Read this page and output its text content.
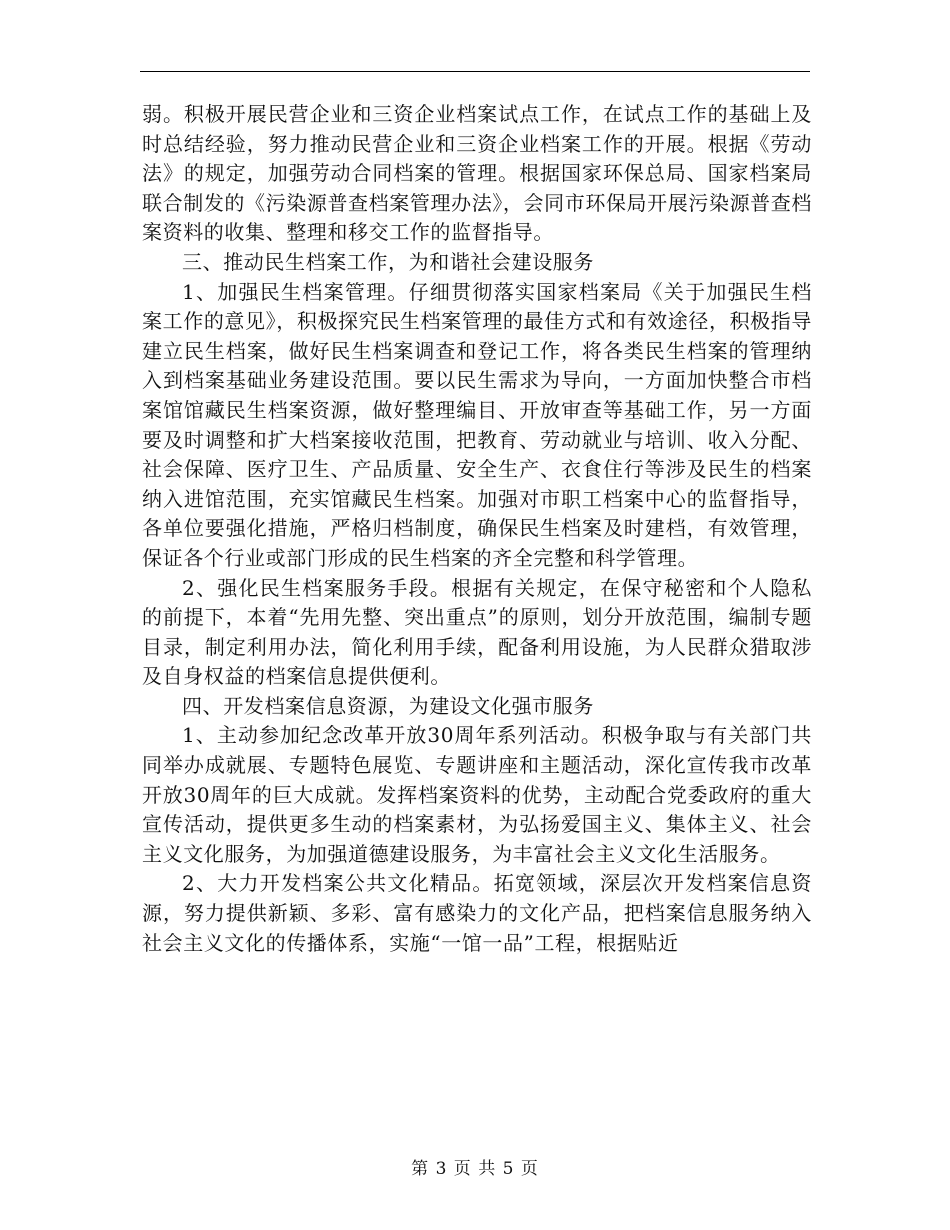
弱。积极开展民营企业和三资企业档案试点工作，在试点工作的基础上及时总结经验，努力推动民营企业和三资企业档案工作的开展。根据《劳动法》的规定，加强劳动合同档案的管理。根据国家环保总局、国家档案局联合制发的《污染源普查档案管理办法》，会同市环保局开展污染源普查档案资料的收集、整理和移交工作的监督指导。

三、推动民生档案工作，为和谐社会建设服务

1、加强民生档案管理。仔细贯彻落实国家档案局《关于加强民生档案工作的意见》，积极探究民生档案管理的最佳方式和有效途径，积极指导建立民生档案，做好民生档案调查和登记工作，将各类民生档案的管理纳入到档案基础业务建设范围。要以民生需求为导向，一方面加快整合市档案馆馆藏民生档案资源，做好整理编目、开放审查等基础工作，另一方面要及时调整和扩大档案接收范围，把教育、劳动就业与培训、收入分配、社会保障、医疗卫生、产品质量、安全生产、衣食住行等涉及民生的档案纳入进馆范围，充实馆藏民生档案。加强对市职工档案中心的监督指导，各单位要强化措施，严格归档制度，确保民生档案及时建档，有效管理，保证各个行业或部门形成的民生档案的齐全完整和科学管理。

2、强化民生档案服务手段。根据有关规定，在保守秘密和个人隐私的前提下，本着“先用先整、突出重点”的原则，划分开放范围，编制专题目录，制定利用办法，简化利用手续，配备利用设施，为人民群众猎取涉及自身权益的档案信息提供便利。

四、开发档案信息资源，为建设文化强市服务

1、主动参加纪念改革开放30周年系列活动。积极争取与有关部门共同举办成就展、专题特色展览、专题讲座和主题活动，深化宣传我市改革开放30周年的巨大成就。发挥档案资料的优势，主动配合党委政府的重大宣传活动，提供更多生动的档案素材，为弘扬爱国主义、集体主义、社会主义文化服务，为加强道德建设服务，为丰富社会主义文化生活服务。

2、大力开发档案公共文化精品。拓宽领域，深层次开发档案信息资源，努力提供新颖、多彩、富有感染力的文化产品，把档案信息服务纳入社会主义文化的传播体系，实施“一馆一品”工程，根据贴近

第 3 页 共 5 页
